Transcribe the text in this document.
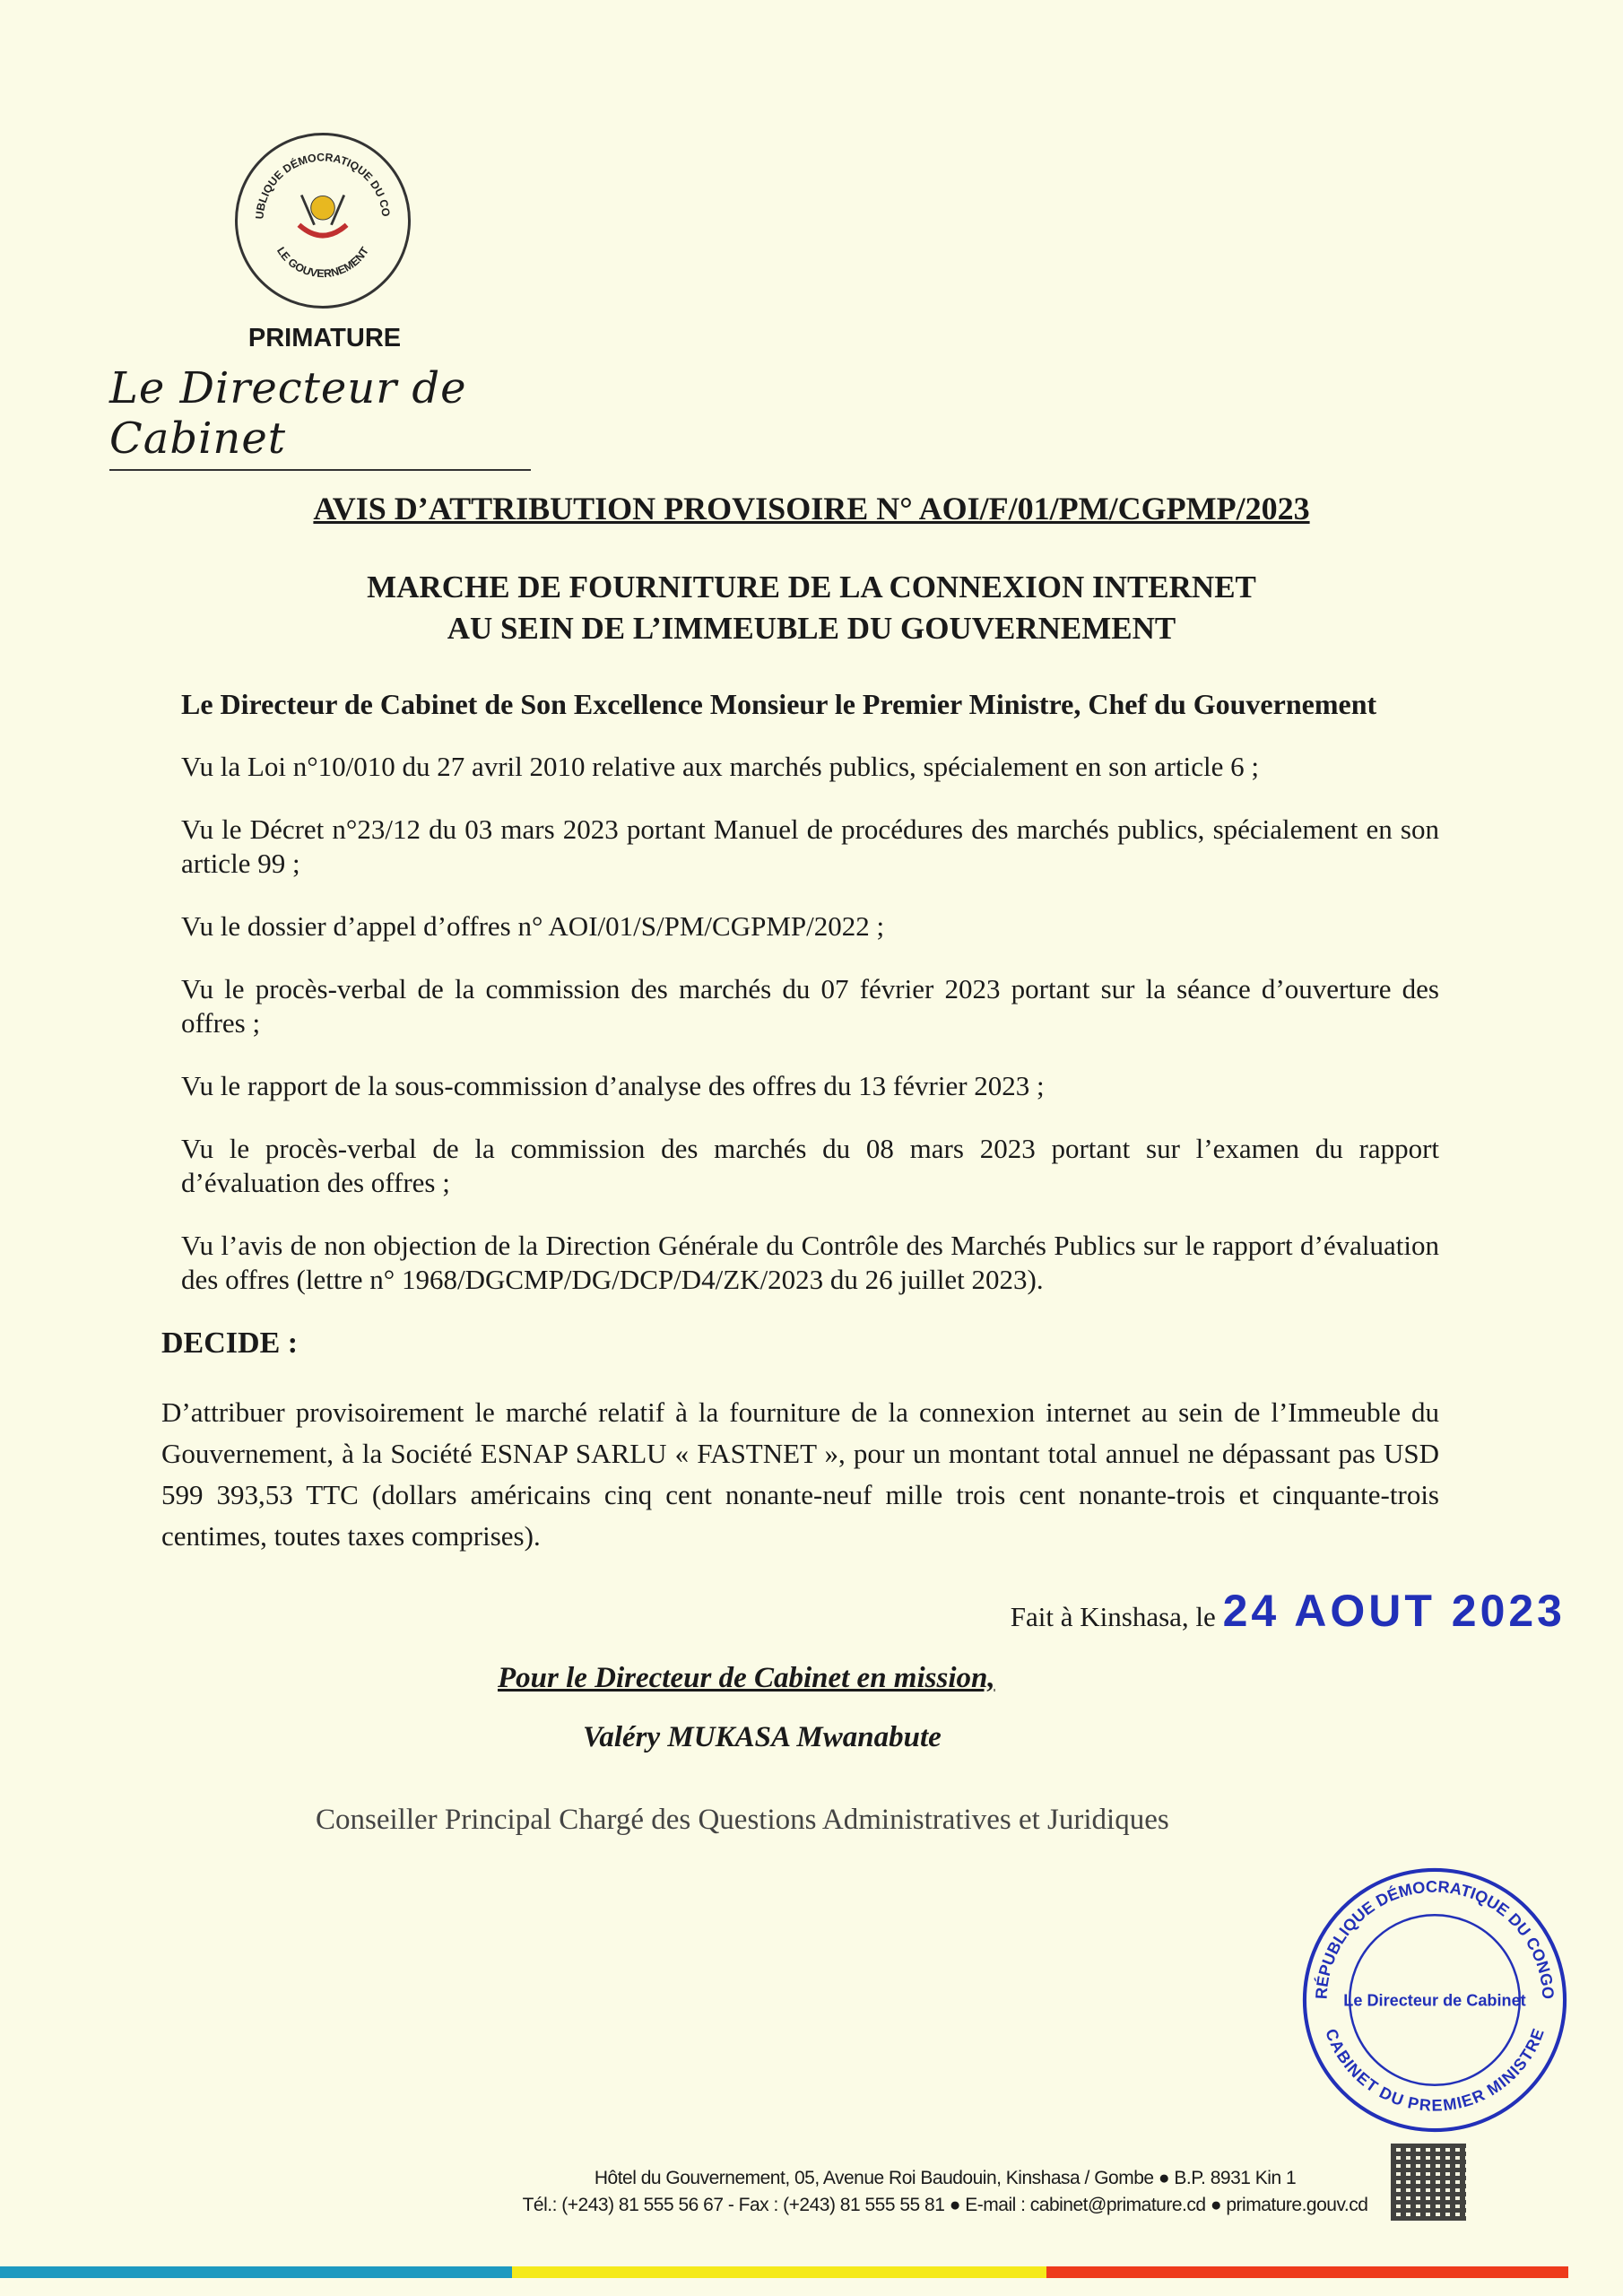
UBLIQUE DÉMOCRATIQUE DU CO
LE GOUVERNEMENT
PRIMATURE
Le Directeur de Cabinet
AVIS D’ATTRIBUTION PROVISOIRE N° AOI/F/01/PM/CGPMP/2023
MARCHE DE FOURNITURE DE LA CONNEXION INTERNET
AU SEIN DE L’IMMEUBLE DU GOUVERNEMENT
Le Directeur de Cabinet de Son Excellence Monsieur le Premier Ministre, Chef du Gouvernement
Vu la Loi n°10/010 du 27 avril 2010 relative aux marchés publics, spécialement en son article 6 ;
Vu le Décret n°23/12 du 03 mars 2023 portant Manuel de procédures des marchés publics, spécialement en son article 99 ;
Vu le dossier d’appel d’offres n° AOI/01/S/PM/CGPMP/2022 ;
Vu le procès-verbal de la commission des marchés du 07 février 2023 portant sur la séance d’ouverture des offres ;
Vu le rapport de la sous-commission d’analyse des offres du 13 février 2023 ;
Vu le procès-verbal de la commission des marchés du 08 mars 2023 portant sur l’examen du rapport d’évaluation des offres ;
Vu l’avis de non objection de la Direction Générale du Contrôle des Marchés Publics sur le rapport d’évaluation des offres (lettre n° 1968/DGCMP/DG/DCP/D4/ZK/2023 du 26 juillet 2023).
DECIDE :
D’attribuer provisoirement le marché relatif à la fourniture de la connexion internet au sein de l’Immeuble du Gouvernement, à la Société ESNAP SARLU « FASTNET », pour un montant total annuel ne dépassant pas USD 599 393,53 TTC (dollars américains cinq cent nonante-neuf mille trois cent nonante-trois et cinquante-trois centimes, toutes taxes comprises).
Fait à Kinshasa, le 24 AOUT 2023
Pour le Directeur de Cabinet en mission,
Valéry MUKASA Mwanabute
Conseiller Principal Chargé des Questions Administratives et Juridiques
RÉPUBLIQUE DÉMOCRATIQUE DU CONGO
CABINET DU PREMIER MINISTRE
Le Directeur de Cabinet
Hôtel du Gouvernement, 05, Avenue Roi Baudouin, Kinshasa / Gombe ● B.P. 8931 Kin 1
Tél.: (+243) 81 555 56 67 - Fax : (+243) 81 555 55 81 ● E-mail : cabinet@primature.cd ● primature.gouv.cd
